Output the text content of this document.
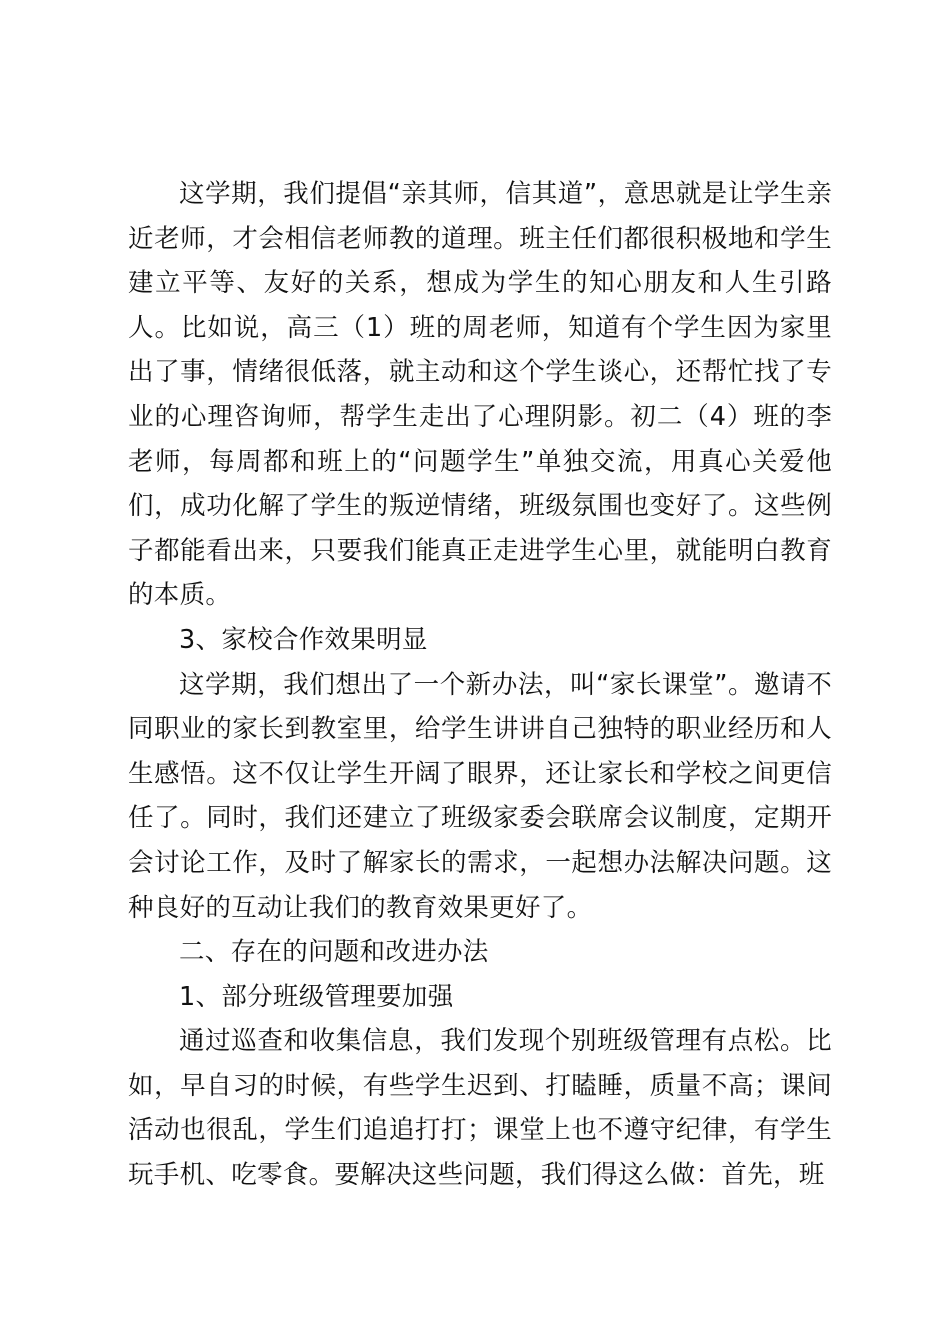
这学期，我们提倡“亲其师，信其道”，意思就是让学生亲近老师，才会相信老师教的道理。班主任们都很积极地和学生建立平等、友好的关系，想成为学生的知心朋友和人生引路人。比如说，高三（1）班的周老师，知道有个学生因为家里出了事，情绪很低落，就主动和这个学生谈心，还帮忙找了专业的心理咨询师，帮学生走出了心理阴影。初二（4）班的李老师，每周都和班上的“问题学生”单独交流，用真心关爱他们，成功化解了学生的叛逆情绪，班级氛围也变好了。这些例子都能看出来，只要我们能真正走进学生心里，就能明白教育的本质。

3、家校合作效果明显

这学期，我们想出了一个新办法，叫“家长课堂”。邀请不同职业的家长到教室里，给学生讲讲自己独特的职业经历和人生感悟。这不仅让学生开阔了眼界，还让家长和学校之间更信任了。同时，我们还建立了班级家委会联席会议制度，定期开会讨论工作，及时了解家长的需求，一起想办法解决问题。这种良好的互动让我们的教育效果更好了。

二、存在的问题和改进办法

1、部分班级管理要加强

通过巡查和收集信息，我们发现个别班级管理有点松。比如，早自习的时候，有些学生迟到、打瞌睡，质量不高；课间活动也很乱，学生们追追打打；课堂上也不遵守纪律，有学生玩手机、吃零食。要解决这些问题，我们得这么做：首先，班
